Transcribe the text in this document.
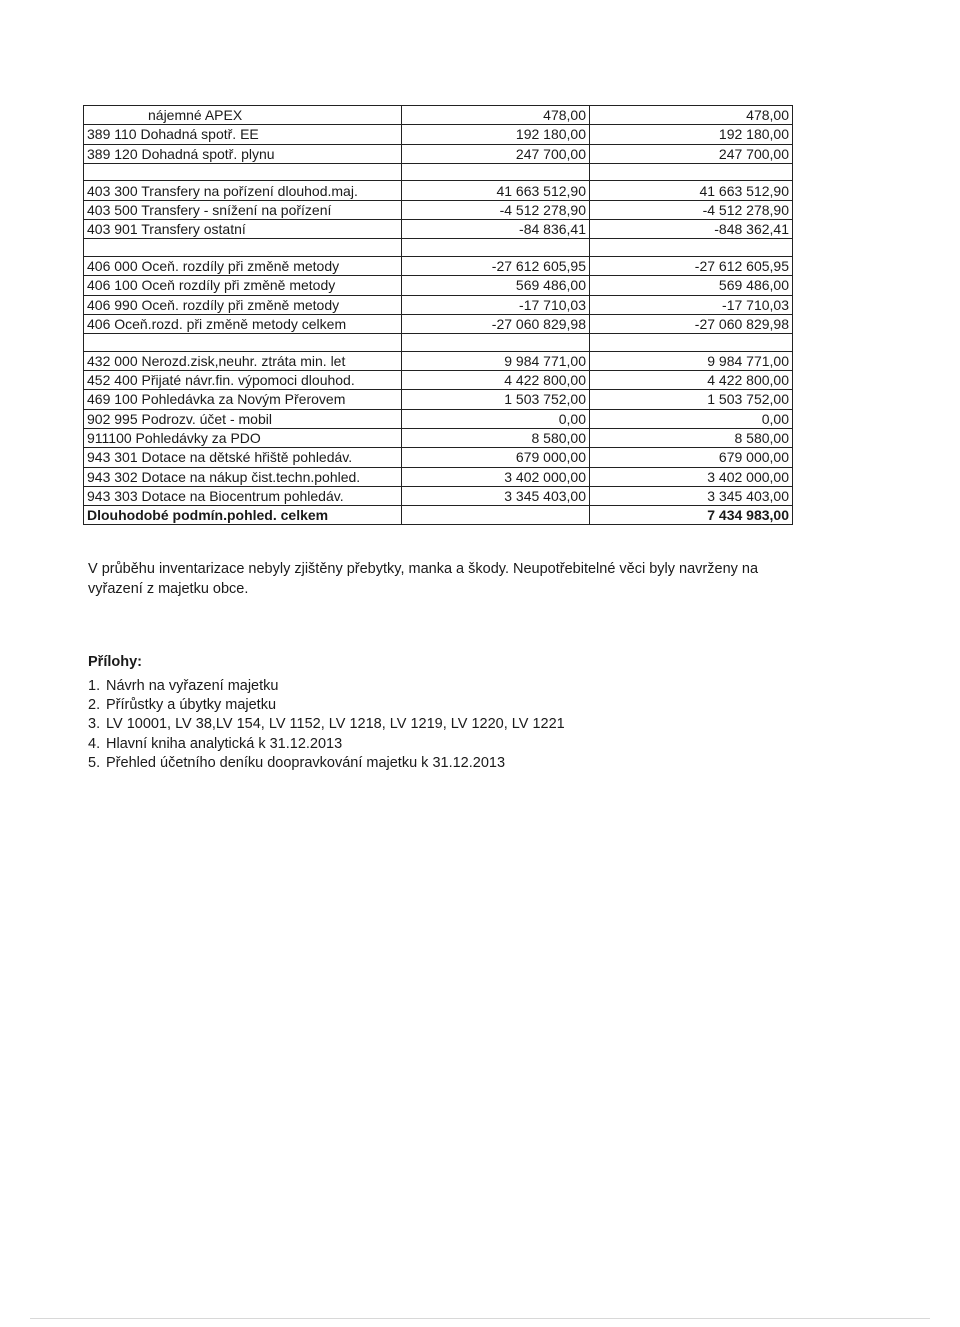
nájemné APEX	478,00	478,00
389 110 Dohadná spotř. EE	192 180,00	192 180,00
389 120 Dohadná spotř. plynu	247 700,00	247 700,00

403 300 Transfery na pořízení dlouhod.maj.	41 663 512,90	41 663 512,90
403 500 Transfery - snížení na pořízení	-4 512 278,90	-4 512 278,90
403 901 Transfery ostatní	-84 836,41	-848 362,41

406 000 Oceň. rozdíly při změně metody	-27 612 605,95	-27 612 605,95
406 100 Oceň rozdíly při změně metody	569 486,00	569 486,00
406 990 Oceň. rozdíly při změně metody	-17 710,03	-17 710,03
406 Oceň.rozd. při změně metody celkem	-27 060 829,98	-27 060 829,98

432 000 Nerozd.zisk,neuhr. ztráta min. let	9 984 771,00	9 984 771,00
452 400 Přijaté návr.fin. výpomoci dlouhod.	4 422 800,00	4 422 800,00
469 100 Pohledávka za Novým Přerovem	1 503 752,00	1 503 752,00
902 995 Podrozv. účet - mobil	0,00	0,00
911100 Pohledávky za PDO	8 580,00	8 580,00
943 301 Dotace na dětské hřiště pohledáv.	679 000,00	679 000,00
943 302 Dotace na nákup čist.techn.pohled.	3 402 000,00	3 402 000,00
943 303 Dotace na Biocentrum pohledáv.	3 345 403,00	3 345 403,00
Dlouhodobé podmín.pohled. celkem		7 434 983,00
V průběhu inventarizace nebyly zjištěny přebytky, manka a škody. Neupotřebitelné věci byly navrženy na vyřazení z majetku obce.
Přílohy:
1. Návrh na vyřazení majetku
2. Přírůstky a úbytky majetku
3. LV 10001, LV 38,LV 154, LV 1152, LV 1218, LV 1219, LV 1220, LV 1221
4. Hlavní kniha analytická k 31.12.2013
5. Přehled účetního deníku doopravkování majetku k 31.12.2013
